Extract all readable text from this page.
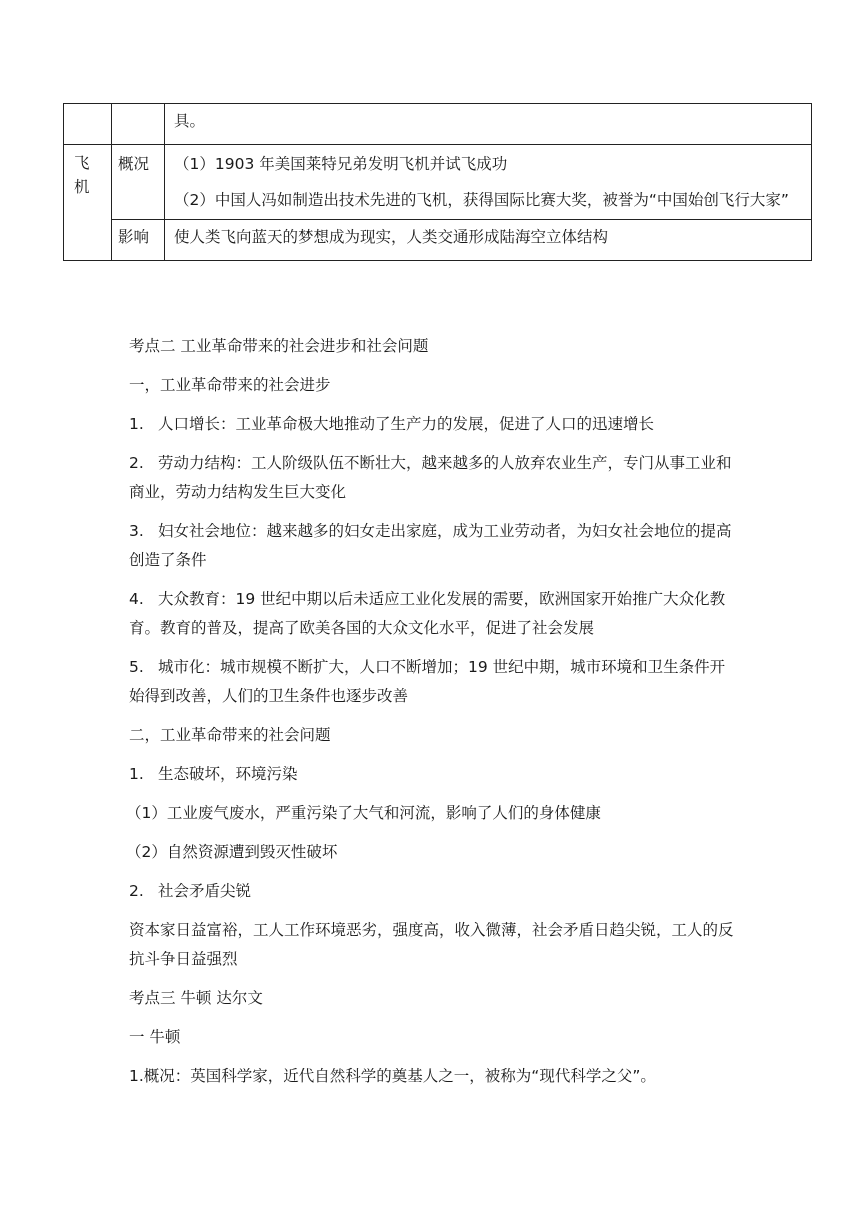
		具。

飞机	概况	（1）1903 年美国莱特兄弟发明飞机并试飞成功
（2）中国人冯如制造出技术先进的飞机，获得国际比赛大奖，被誉为“中国始创飞行大家”

	影响	使人类飞向蓝天的梦想成为现实，人类交通形成陆海空立体结构

考点二 工业革命带来的社会进步和社会问题

一，工业革命带来的社会进步

1. 人口增长：工业革命极大地推动了生产力的发展，促进了人口的迅速增长

2. 劳动力结构：工人阶级队伍不断壮大，越来越多的人放弃农业生产，专门从事工业和商业，劳动力结构发生巨大变化

3. 妇女社会地位：越来越多的妇女走出家庭，成为工业劳动者，为妇女社会地位的提高创造了条件

4. 大众教育：19 世纪中期以后未适应工业化发展的需要，欧洲国家开始推广大众化教育。教育的普及，提高了欧美各国的大众文化水平，促进了社会发展

5. 城市化：城市规模不断扩大，人口不断增加；19 世纪中期，城市环境和卫生条件开始得到改善，人们的卫生条件也逐步改善

二，工业革命带来的社会问题

1. 生态破坏，环境污染

（1）工业废气废水，严重污染了大气和河流，影响了人们的身体健康

（2）自然资源遭到毁灭性破坏

2. 社会矛盾尖锐

资本家日益富裕，工人工作环境恶劣，强度高，收入微薄，社会矛盾日趋尖锐，工人的反抗斗争日益强烈

考点三 牛顿 达尔文

一 牛顿

1.概况：英国科学家，近代自然科学的奠基人之一，被称为“现代科学之父”。
